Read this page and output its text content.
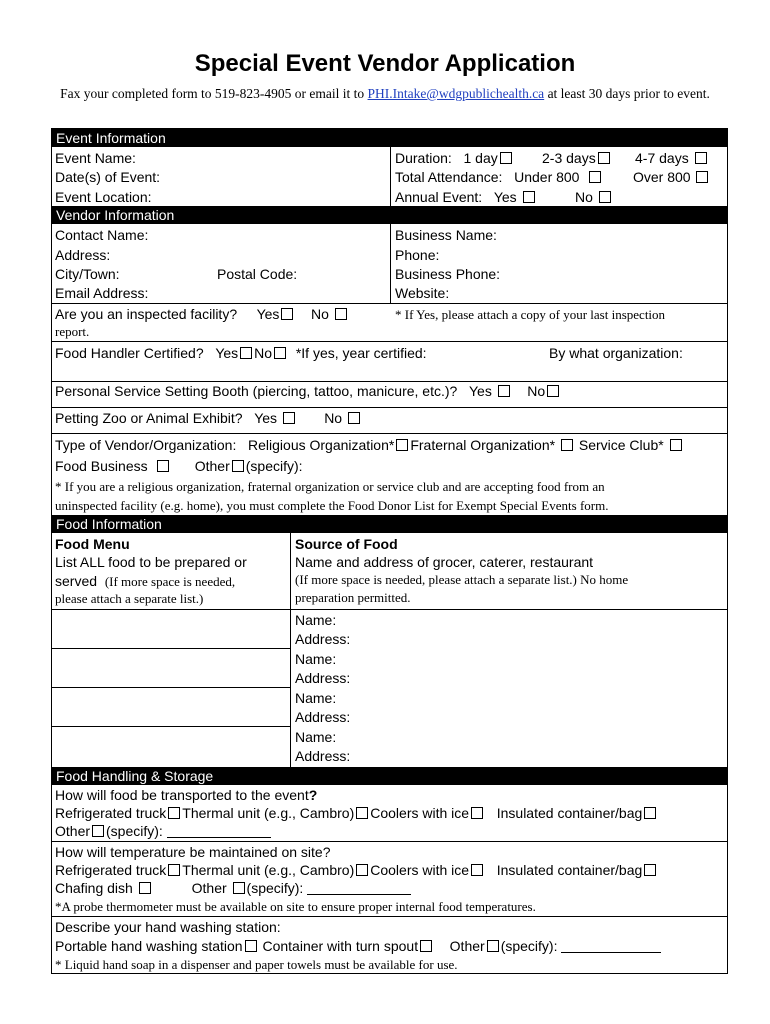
Special Event Vendor Application
Fax your completed form to 519-823-4905 or email it to PHI.Intake@wdgpublichealth.ca at least 30 days prior to event.
Event Information
Event Name:
Date(s) of Event:
Event Location:
Duration: 1 day	2-3 days	4-7 days
Total Attendance: Under 800	Over 800
Annual Event: Yes	No
Vendor Information
Contact Name:
Address:
City/Town:	Postal Code:
Email Address:
Business Name:
Phone:
Business Phone:
Website:
Are you an inspected facility? Yes No	* If Yes, please attach a copy of your last inspection
report.
Food Handler Certified? Yes No *If yes, year certified:	By what organization:
Personal Service Setting Booth (piercing, tattoo, manicure, etc.)? Yes	No
Petting Zoo or Animal Exhibit? Yes	No
Type of Vendor/Organization: Religious Organization* Fraternal Organization* Service Club*
Food Business	Other (specify):
* If you are a religious organization, fraternal organization or service club and are accepting food from an
uninspected facility (e.g. home), you must complete the Food Donor List for Exempt Special Events form.
Food Information
Food Menu
List ALL food to be prepared or
served (If more space is needed,
please attach a separate list.)
Source of Food
Name and address of grocer, caterer, restaurant
(If more space is needed, please attach a separate list.) No home
preparation permitted.
Name:
Address:
Name:
Address:
Name:
Address:
Name:
Address:
Food Handling & Storage
How will food be transported to the event?
Refrigerated truck Thermal unit (e.g., Cambro) Coolers with ice Insulated container/bag
Other (specify):
How will temperature be maintained on site?
Refrigerated truck Thermal unit (e.g., Cambro) Coolers with ice Insulated container/bag
Chafing dish	Other (specify):
*A probe thermometer must be available on site to ensure proper internal food temperatures.
Describe your hand washing station:
Portable hand washing station Container with turn spout Other (specify):
* Liquid hand soap in a dispenser and paper towels must be available for use.
